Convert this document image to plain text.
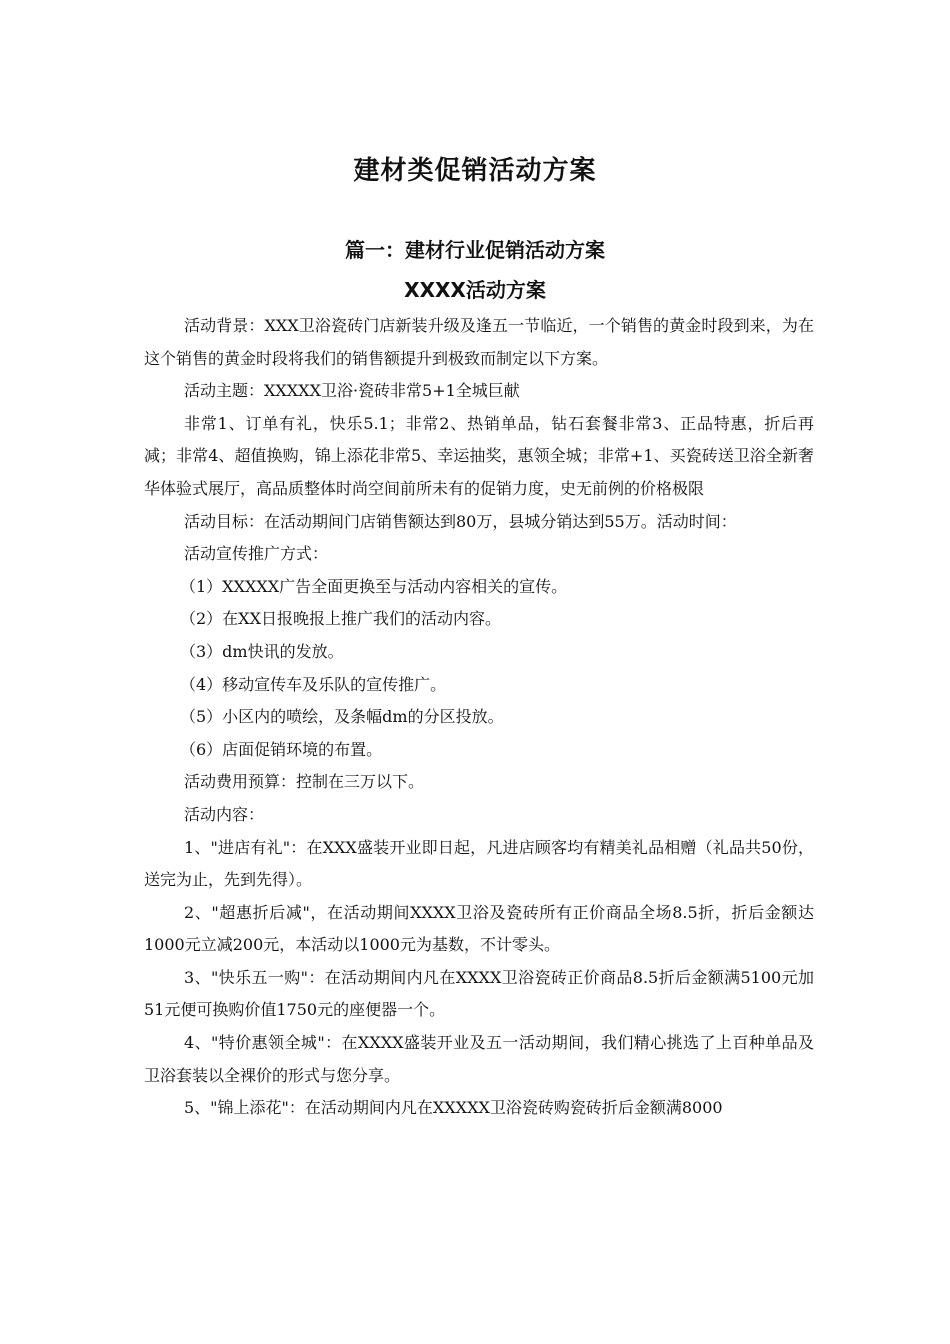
建材类促销活动方案
篇一：建材行业促销活动方案
XXXX活动方案

活动背景：XXX卫浴瓷砖门店新装升级及逢五一节临近，一个销售的黄金时段到来，为在这个销售的黄金时段将我们的销售额提升到极致而制定以下方案。

活动主题：XXXXX卫浴·瓷砖非常5+1全城巨献

非常1、订单有礼，快乐5.1；非常2、热销单品，钻石套餐非常3、正品特惠，折后再减；非常4、超值换购，锦上添花非常5、幸运抽奖，惠领全城；非常+1、买瓷砖送卫浴全新奢华体验式展厅，高品质整体时尚空间前所未有的促销力度，史无前例的价格极限

活动目标：在活动期间门店销售额达到80万，县城分销达到55万。活动时间：

活动宣传推广方式：

（1）XXXXX广告全面更换至与活动内容相关的宣传。

（2）在XX日报晚报上推广我们的活动内容。

（3）dm快讯的发放。

（4）移动宣传车及乐队的宣传推广。

（5）小区内的喷绘，及条幅dm的分区投放。

（6）店面促销环境的布置。

活动费用预算：控制在三万以下。

活动内容：

1、"进店有礼"：在XXX盛装开业即日起，凡进店顾客均有精美礼品相赠（礼品共50份，送完为止，先到先得）。

2、"超惠折后减"，在活动期间XXXX卫浴及瓷砖所有正价商品全场8.5折，折后金额达1000元立减200元，本活动以1000元为基数，不计零头。

3、"快乐五一购"：在活动期间内凡在XXXX卫浴瓷砖正价商品8.5折后金额满5100元加51元便可换购价值1750元的座便器一个。

4、"特价惠领全城"：在XXXX盛装开业及五一活动期间，我们精心挑选了上百种单品及卫浴套装以全裸价的形式与您分享。

5、"锦上添花"：在活动期间内凡在XXXXX卫浴瓷砖购瓷砖折后金额满8000
